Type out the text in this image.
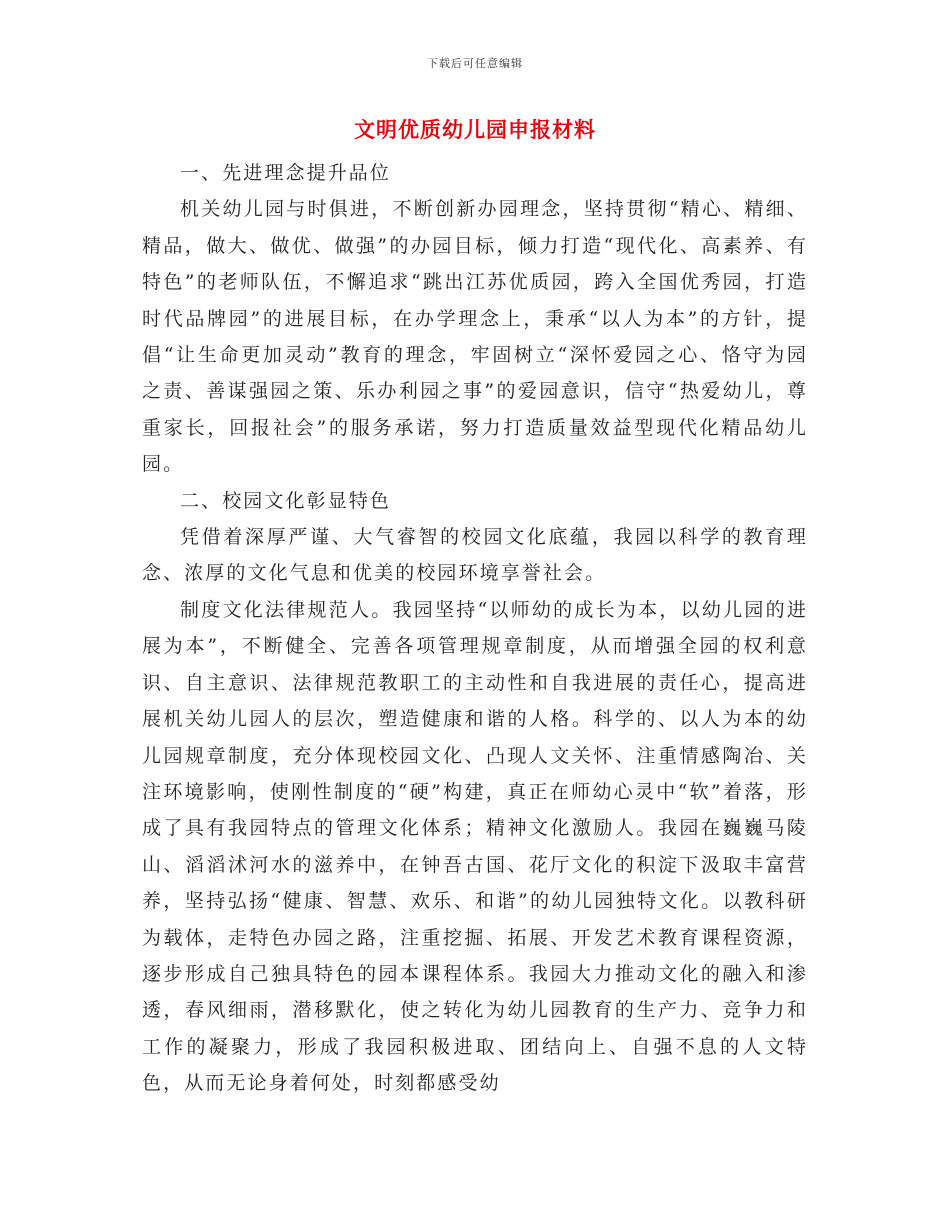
下载后可任意编辑
文明优质幼儿园申报材料

一、先进理念提升品位

机关幼儿园与时俱进，不断创新办园理念，坚持贯彻“精心、精细、精品，做大、做优、做强”的办园目标，倾力打造“现代化、高素养、有特色”的老师队伍，不懈追求“跳出江苏优质园，跨入全国优秀园，打造时代品牌园”的进展目标，在办学理念上，秉承“以人为本”的方针，提倡“让生命更加灵动”教育的理念，牢固树立“深怀爱园之心、恪守为园之责、善谋强园之策、乐办利园之事”的爱园意识，信守“热爱幼儿，尊重家长，回报社会”的服务承诺，努力打造质量效益型现代化精品幼儿园。

二、校园文化彰显特色

凭借着深厚严谨、大气睿智的校园文化底蕴，我园以科学的教育理念、浓厚的文化气息和优美的校园环境享誉社会。

制度文化法律规范人。我园坚持“以师幼的成长为本，以幼儿园的进展为本”，不断健全、完善各项管理规章制度，从而增强全园的权利意识、自主意识、法律规范教职工的主动性和自我进展的责任心，提高进展机关幼儿园人的层次，塑造健康和谐的人格。科学的、以人为本的幼儿园规章制度，充分体现校园文化、凸现人文关怀、注重情感陶冶、关注环境影响，使刚性制度的“硬”构建，真正在师幼心灵中“软”着落，形成了具有我园特点的管理文化体系；精神文化激励人。我园在巍巍马陵山、滔滔沭河水的滋养中，在钟吾古国、花厅文化的积淀下汲取丰富营养，坚持弘扬“健康、智慧、欢乐、和谐”的幼儿园独特文化。以教科研为载体，走特色办园之路，注重挖掘、拓展、开发艺术教育课程资源，逐步形成自己独具特色的园本课程体系。我园大力推动文化的融入和渗透，春风细雨，潜移默化，使之转化为幼儿园教育的生产力、竞争力和工作的凝聚力，形成了我园积极进取、团结向上、自强不息的人文特色，从而无论身着何处，时刻都感受幼
